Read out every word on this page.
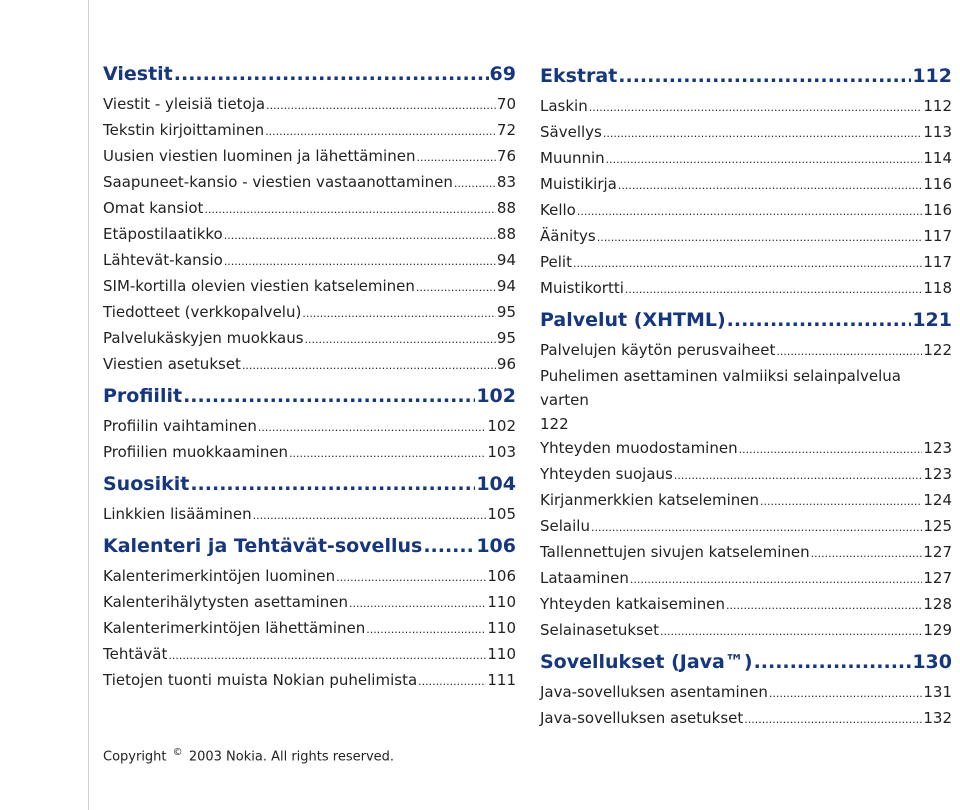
Viestit .....	69
Viestit - yleisiä tietoja .....	70
Tekstin kirjoittaminen .....	72
Uusien viestien luominen ja lähettäminen .....	76
Saapuneet-kansio - viestien vastaanottaminen .....	83
Omat kansiot .....	88
Etäpostilaatikko .....	88
Lähtevät-kansio .....	94
SIM-kortilla olevien viestien katseleminen .....	94
Tiedotteet (verkkopalvelu) .....	95
Palvelukäskyjen muokkaus .....	95
Viestien asetukset .....	96
Profiilit .....	102
Profiilin vaihtaminen .....	102
Profiilien muokkaaminen .....	103
Suosikit .....	104
Linkkien lisääminen .....	105
Kalenteri ja Tehtävät-sovellus .....	106
Kalenterimerkintöjen luominen .....	106
Kalenterihälytysten asettaminen .....	110
Kalenterimerkintöjen lähettäminen .....	110
Tehtävät .....	110
Tietojen tuonti muista Nokian puhelimista .....	111
Ekstrat .....	112
Laskin .....	112
Sävellys .....	113
Muunnin .....	114
Muistikirja .....	116
Kello .....	116
Äänitys .....	117
Pelit .....	117
Muistikortti .....	118
Palvelut (XHTML) .....	121
Palvelujen käytön perusvaiheet .....	122
Puhelimen asettaminen valmiiksi selainpalvelua varten
122
Yhteyden muodostaminen .....	123
Yhteyden suojaus .....	123
Kirjanmerkkien katseleminen .....	124
Selailu .....	125
Tallennettujen sivujen katseleminen .....	127
Lataaminen .....	127
Yhteyden katkaiseminen .....	128
Selainasetukset .....	129
Sovellukset (Java™) .....	130
Java-sovelluksen asentaminen .....	131
Java-sovelluksen asetukset .....	132
Copyright © 2003 Nokia. All rights reserved.
